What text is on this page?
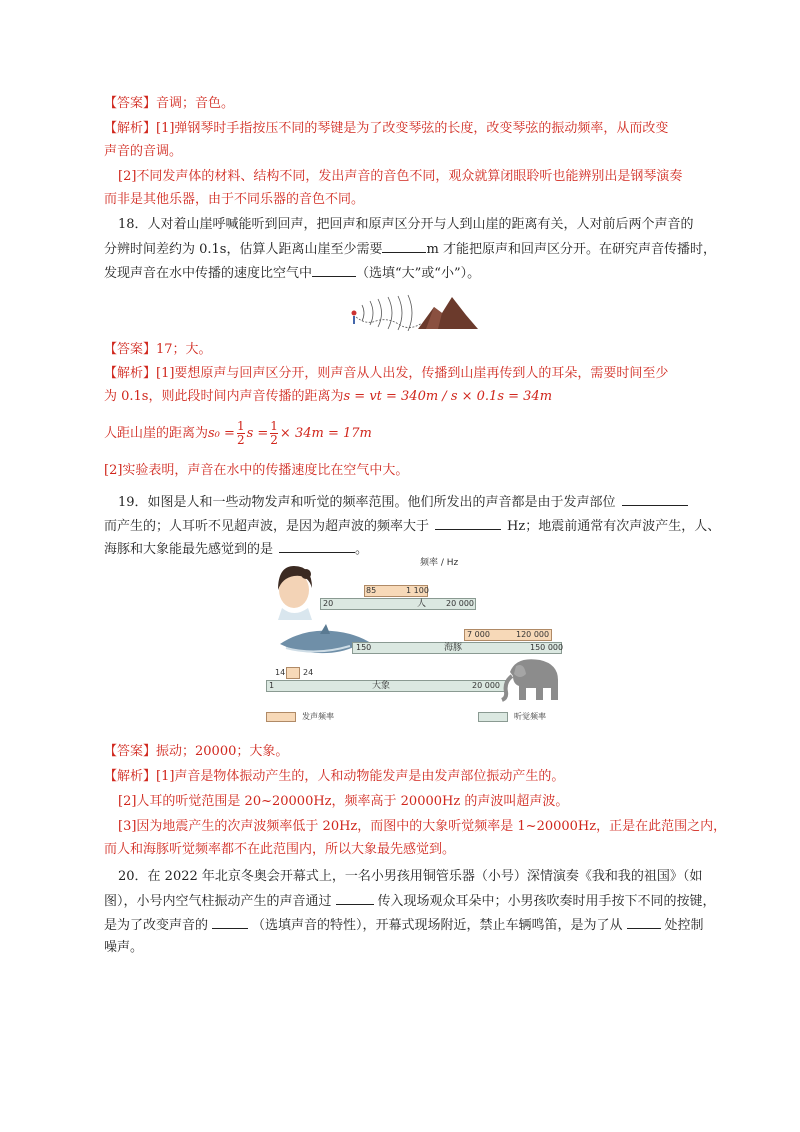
【答案】音调；音色。
【解析】[1]弹钢琴时手指按压不同的琴键是为了改变琴弦的长度，改变琴弦的振动频率，从而改变
声音的音调。
[2]不同发声体的材料、结构不同，发出声音的音色不同，观众就算闭眼聆听也能辨别出是钢琴演奏
而非是其他乐器，由于不同乐器的音色不同。
18．人对着山崖呼喊能听到回声，把回声和原声区分开与人到山崖的距离有关，人对前后两个声音的
分辨时间差约为 0.1s，估算人距离山崖至少需要	m 才能把原声和回声区分开。在研究声音传播时，
发现声音在水中传播的速度比空气中	（选填“大”或“小”）。
【答案】17；大。
【解析】[1]要想原声与回声区分开，则声音从人出发，传播到山崖再传到人的耳朵，需要时间至少
为 0.1s，则此段时间内声音传播的距离为s = vt = 340m / s × 0.1s = 34m
人距山崖的距离为$s_0 = \frac{1}{2}$ $s = \frac{1}{2} \times 34m = 17m$
[2]实验表明，声音在水中的传播速度比在空气中大。
19．如图是人和一些动物发声和听觉的频率范围。他们所发出的声音都是由于发声部位
而产生的；人耳听不见超声波，是因为超声波的频率大于	Hz；地震前通常有次声波产生，人、
海豚和大象能最先感觉到的是	。
频率 / Hz
85	1 100
20	人 20 000
7 000	120 000
150	海豚	150 000
14 24
1	大象	20 000
发声频率	听觉频率
【答案】振动；20000；大象。
【解析】[1]声音是物体振动产生的，人和动物能发声是由发声部位振动产生的。
[2]人耳的听觉范围是 20~20000Hz，频率高于 20000Hz 的声波叫超声波。
[3]因为地震产生的次声波频率低于 20Hz，而图中的大象听觉频率是 1~20000Hz，正是在此范围之内，
而人和海豚听觉频率都不在此范围内，所以大象最先感觉到。
20．在 2022 年北京冬奥会开幕式上，一名小男孩用铜管乐器（小号）深情演奏《我和我的祖国》（如
图），小号内空气柱振动产生的声音通过	传入现场观众耳朵中；小男孩吹奏时用手按下不同的按键，
是为了改变声音的	（选填声音的特性），开幕式现场附近，禁止车辆鸣笛，是为了从	处控制
噪声。
